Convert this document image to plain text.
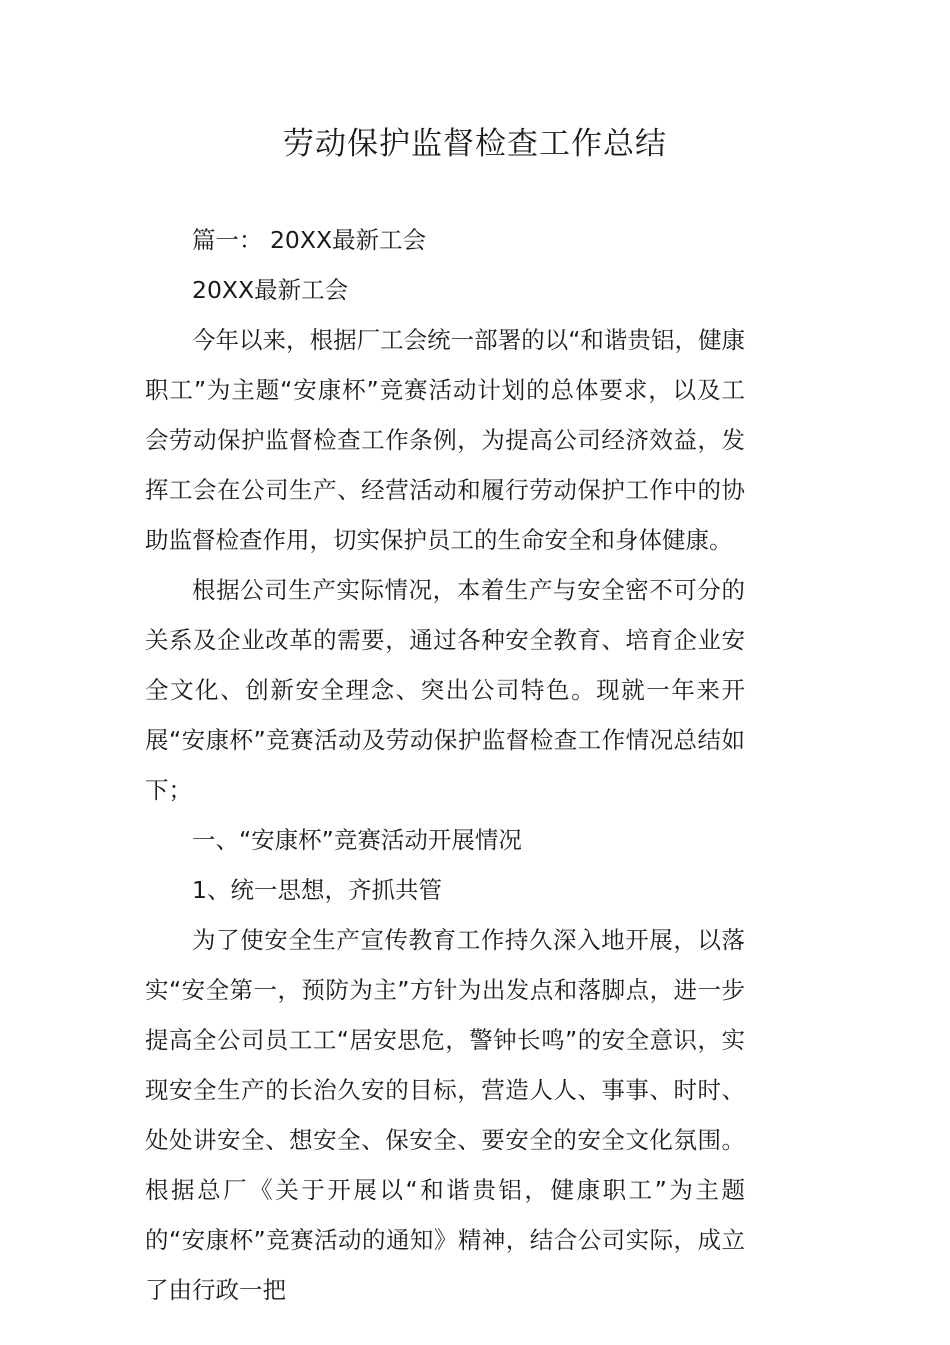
劳动保护监督检查工作总结

篇一： 20XX最新工会

20XX最新工会

今年以来，根据厂工会统一部署的以“和谐贵铝，健康职工”为主题“安康杯”竞赛活动计划的总体要求，以及工会劳动保护监督检查工作条例，为提高公司经济效益，发挥工会在公司生产、经营活动和履行劳动保护工作中的协助监督检查作用，切实保护员工的生命安全和身体健康。

根据公司生产实际情况，本着生产与安全密不可分的关系及企业改革的需要，通过各种安全教育、培育企业安全文化、创新安全理念、突出公司特色。现就一年来开展“安康杯”竞赛活动及劳动保护监督检查工作情况总结如下；

一、“安康杯”竞赛活动开展情况

1、统一思想，齐抓共管

为了使安全生产宣传教育工作持久深入地开展，以落实“安全第一，预防为主”方针为出发点和落脚点，进一步提高全公司员工工“居安思危，警钟长鸣”的安全意识，实现安全生产的长治久安的目标，营造人人、事事、时时、处处讲安全、想安全、保安全、要安全的安全文化氛围。根据总厂《关于开展以“和谐贵铝，健康职工”为主题的“安康杯”竞赛活动的通知》精神，结合公司实际，成立了由行政一把
